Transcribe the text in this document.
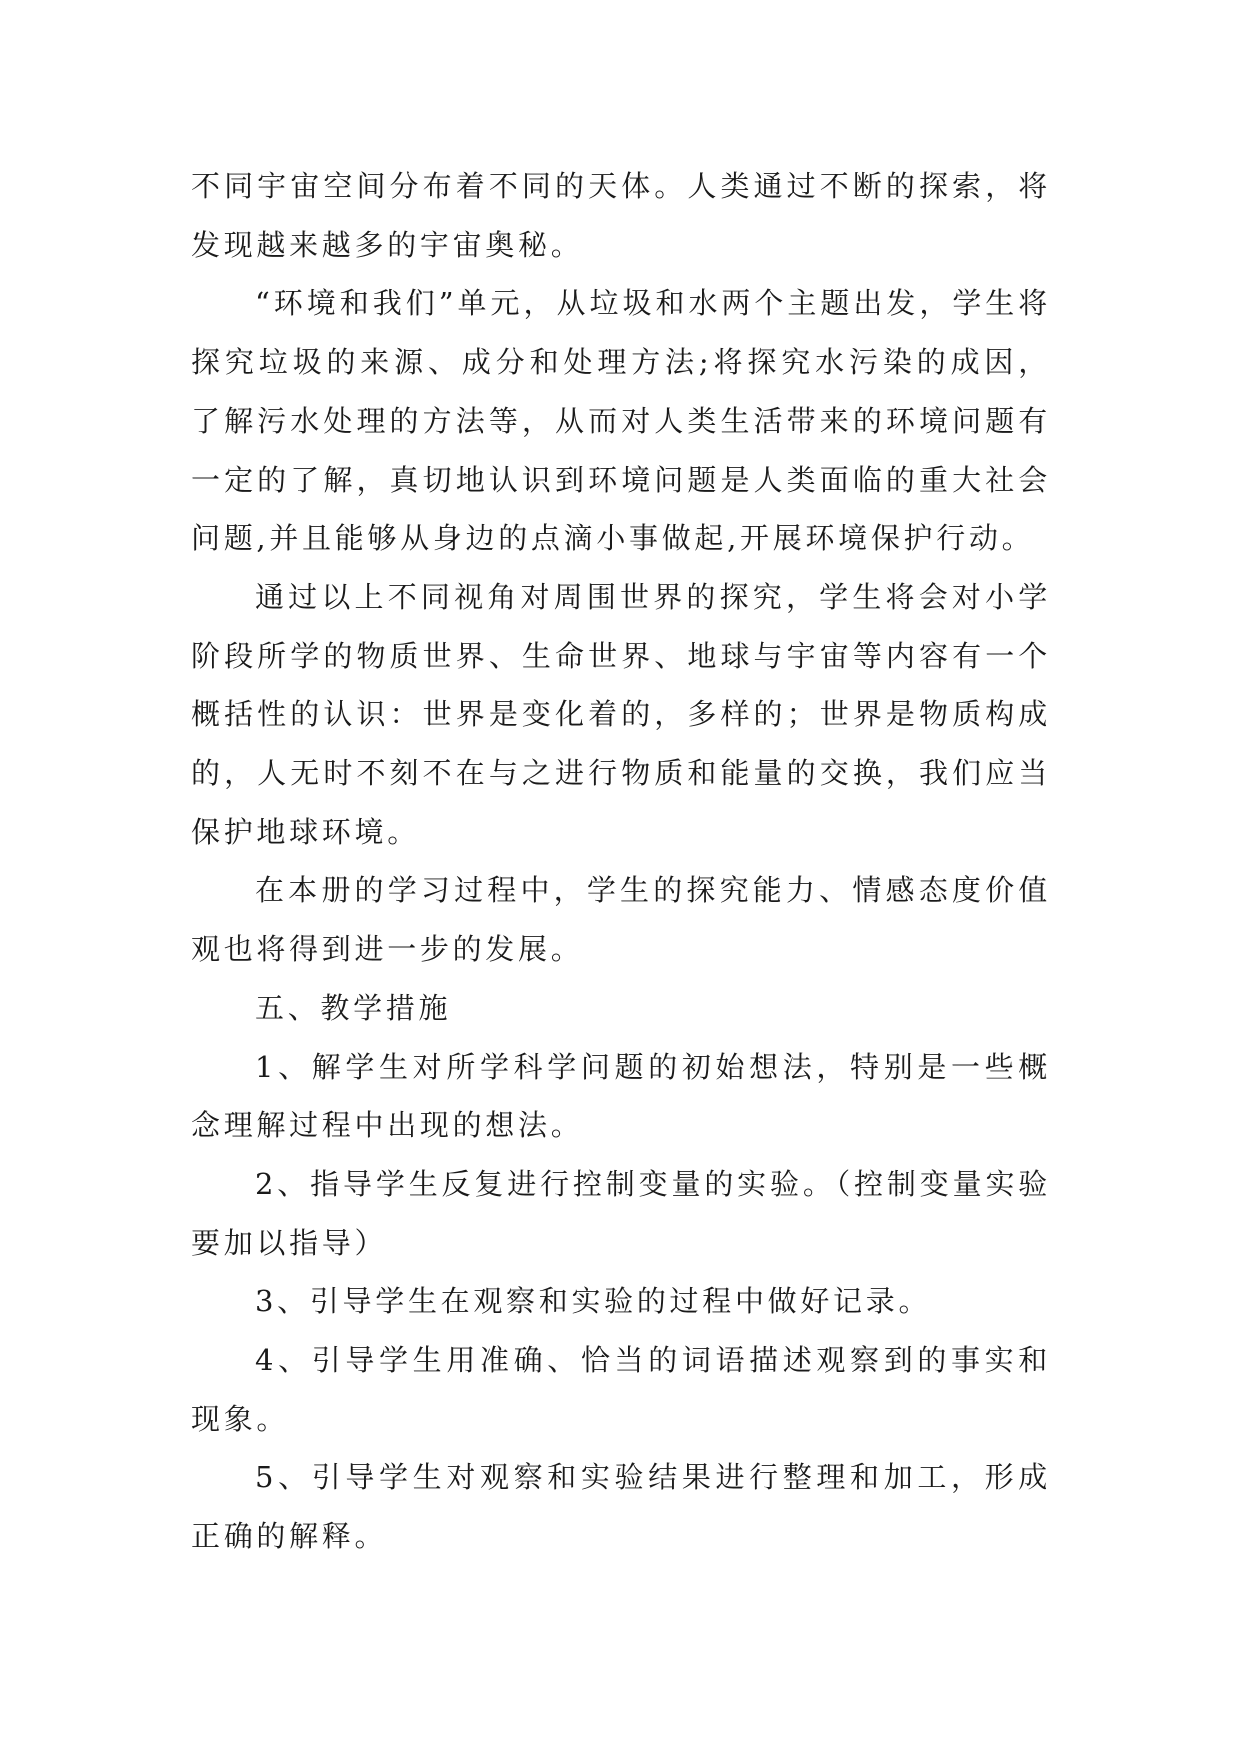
不同宇宙空间分布着不同的天体。人类通过不断的探索，将发现越来越多的宇宙奥秘。

“环境和我们”单元，从垃圾和水两个主题出发，学生将探究垃圾的来源、成分和处理方法;将探究水污染的成因，了解污水处理的方法等，从而对人类生活带来的环境问题有一定的了解，真切地认识到环境问题是人类面临的重大社会问题,并且能够从身边的点滴小事做起,开展环境保护行动。

通过以上不同视角对周围世界的探究，学生将会对小学阶段所学的物质世界、生命世界、地球与宇宙等内容有一个概括性的认识：世界是变化着的，多样的；世界是物质构成的，人无时不刻不在与之进行物质和能量的交换，我们应当保护地球环境。

在本册的学习过程中，学生的探究能力、情感态度价值观也将得到进一步的发展。

五、教学措施

1、解学生对所学科学问题的初始想法，特别是一些概念理解过程中出现的想法。

2、指导学生反复进行控制变量的实验。（控制变量实验要加以指导）

3、引导学生在观察和实验的过程中做好记录。

4、引导学生用准确、恰当的词语描述观察到的事实和现象。

5、引导学生对观察和实验结果进行整理和加工，形成正确的解释。
